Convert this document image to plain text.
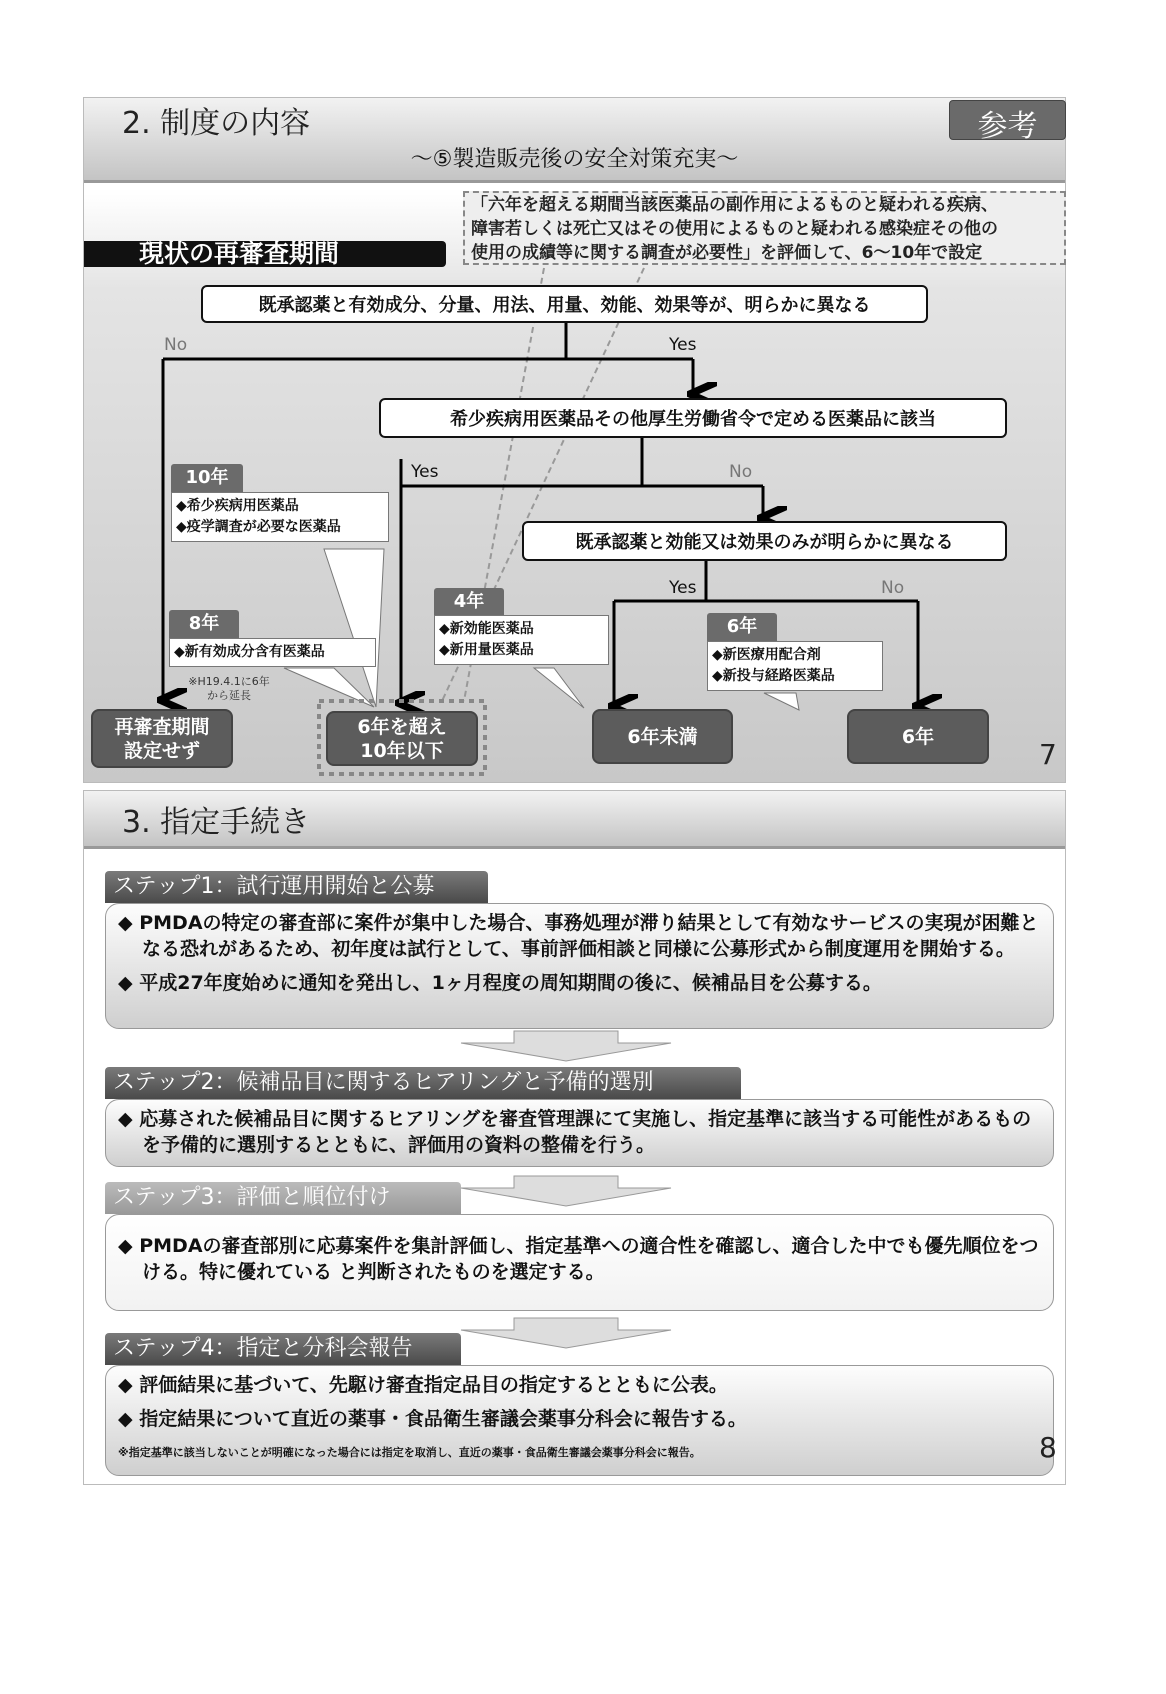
2. 制度の内容
～⑤製造販売後の安全対策充実～
参考
「六年を超える期間当該医薬品の副作用によるものと疑われる疾病、
障害若しくは死亡又はその使用によるものと疑われる感染症その他の
使用の成績等に関する調査が必要性」を評価して、6～10年で設定
現状の再審査期間
既承認薬と有効成分、分量、用法、用量、効能、効果等が、明らかに異なる
希少疾病用医薬品その他厚生労働省令で定める医薬品に該当
既承認薬と効能又は効果のみが明らかに異なる
No	Yes
Yes	No
Yes	No
10年
◆希少疾病用医薬品
◆疫学調査が必要な医薬品
8年
◆新有効成分含有医薬品
※H19.4.1に6年
から延長
4年
◆新効能医薬品
◆新用量医薬品
6年
◆新医療用配合剤
◆新投与経路医薬品
再審査期間
設定せず
6年を超え
10年以下
6年未満	6年
7
3. 指定手続き
ステップ1：試行運用開始と公募

◆ PMDAの特定の審査部に案件が集中した場合、事務処理が滞り結果として有効なサービスの実現が困難となる恐れがあるため、初年度は試行として、事前評価相談と同様に公募形式から制度運用を開始する。

◆ 平成27年度始めに通知を発出し、1ヶ月程度の周知期間の後に、候補品目を公募する。

ステップ2：候補品目に関するヒアリングと予備的選別

◆ 応募された候補品目に関するヒアリングを審査管理課にて実施し、指定基準に該当する可能性があるものを予備的に選別するとともに、評価用の資料の整備を行う。

ステップ3：評価と順位付け

◆ PMDAの審査部別に応募案件を集計評価し、指定基準への適合性を確認し、適合した中でも優先順位をつける。特に優れている と判断されたものを選定する。

ステップ4：指定と分科会報告

◆ 評価結果に基づいて、先駆け審査指定品目の指定するとともに公表。

◆ 指定結果について直近の薬事・食品衛生審議会薬事分科会に報告する。

※指定基準に該当しないことが明確になった場合には指定を取消し、直近の薬事・食品衛生審議会薬事分科会に報告。	8
